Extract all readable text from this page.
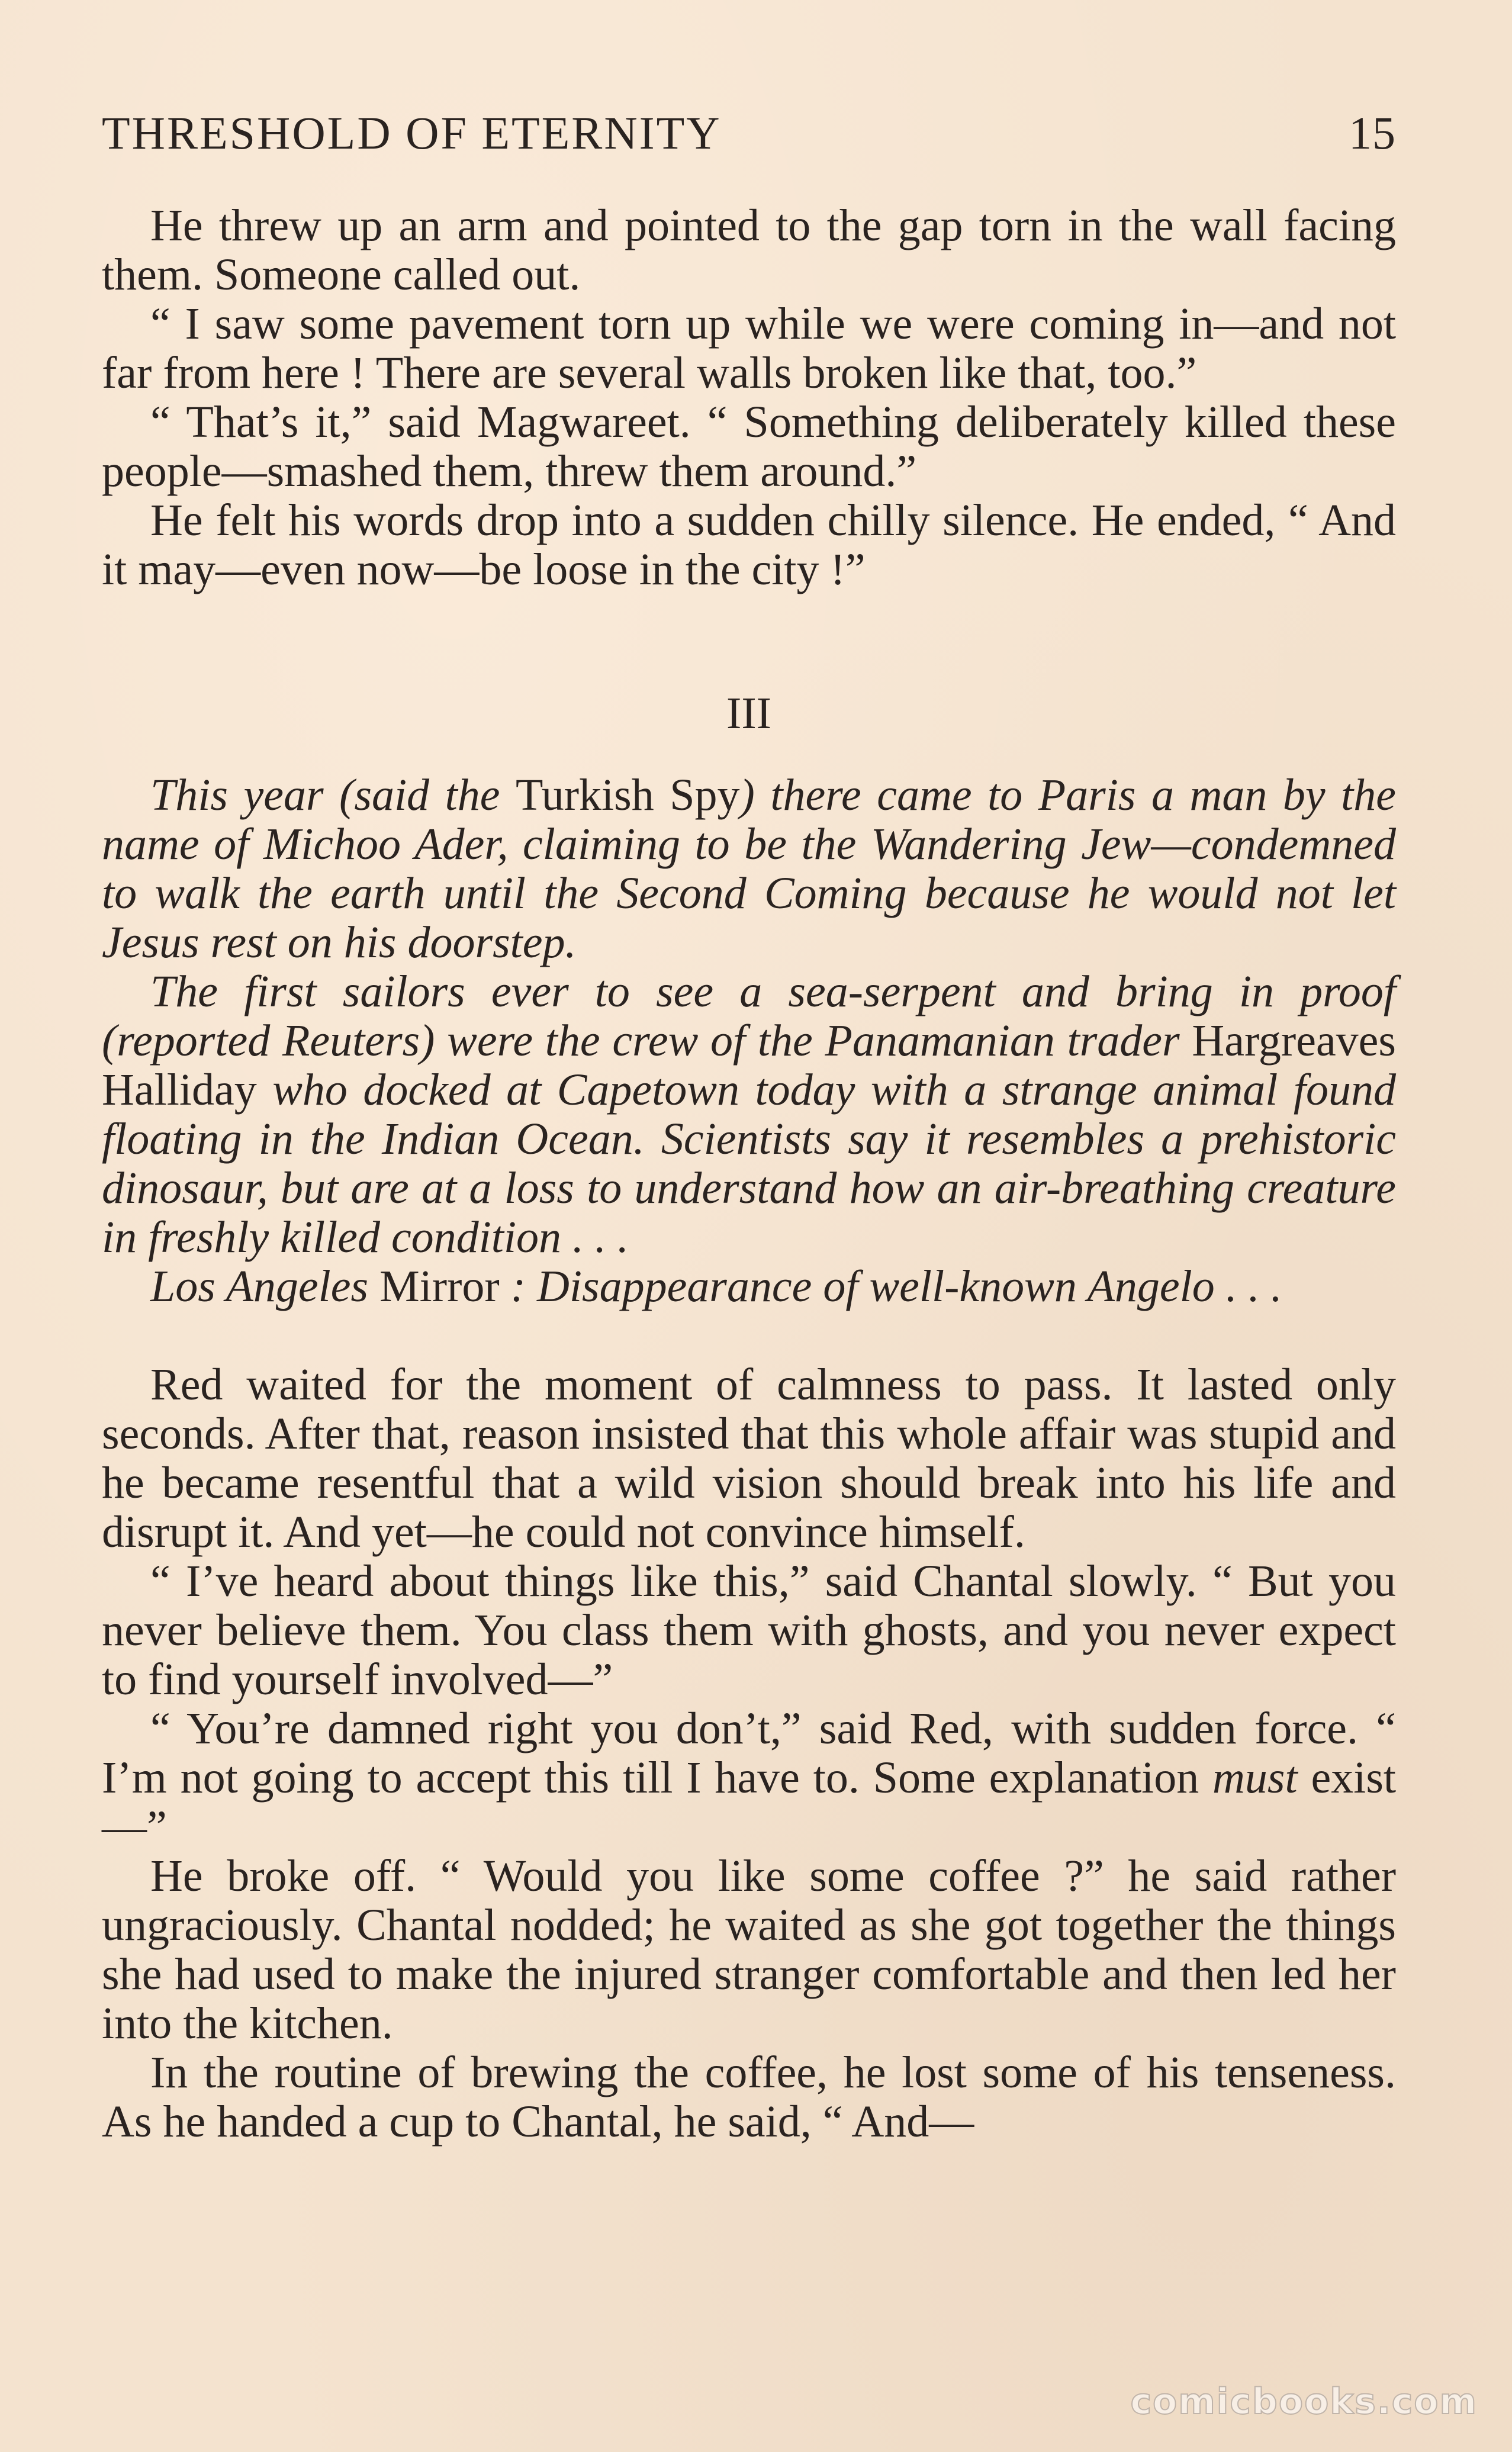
THRESHOLD OF ETERNITY	15

He threw up an arm and pointed to the gap torn in the wall facing them. Someone called out.

“ I saw some pavement torn up while we were coming in—and not far from here ! There are several walls broken like that, too.”

“ That’s it,” said Magwareet. “ Something deliberately killed these people—smashed them, threw them around.”

He felt his words drop into a sudden chilly silence. He ended, “ And it may—even now—be loose in the city !”

III

This year (said the Turkish Spy) there came to Paris a man by the name of Michoo Ader, claiming to be the Wandering Jew—condemned to walk the earth until the Second Coming because he would not let Jesus rest on his doorstep.

The first sailors ever to see a sea-serpent and bring in proof (reported Reuters) were the crew of the Panamanian trader Hargreaves Halliday who docked at Capetown today with a strange animal found floating in the Indian Ocean. Scientists say it resembles a prehistoric dinosaur, but are at a loss to understand how an air-breathing creature in freshly killed condition . . .

Los Angeles Mirror : Disappearance of well-known Angelo . . .

Red waited for the moment of calmness to pass. It lasted only seconds. After that, reason insisted that this whole affair was stupid and he became resentful that a wild vision should break into his life and disrupt it. And yet—he could not convince himself.

“ I’ve heard about things like this,” said Chantal slowly. “ But you never believe them. You class them with ghosts, and you never expect to find yourself involved—”

“ You’re damned right you don’t,” said Red, with sudden force. “ I’m not going to accept this till I have to. Some explanation must exist—”

He broke off. “ Would you like some coffee ?” he said rather ungraciously. Chantal nodded; he waited as she got together the things she had used to make the injured stranger comfortable and then led her into the kitchen.

In the routine of brewing the coffee, he lost some of his tenseness. As he handed a cup to Chantal, he said, “ And—

comicbooks.com
